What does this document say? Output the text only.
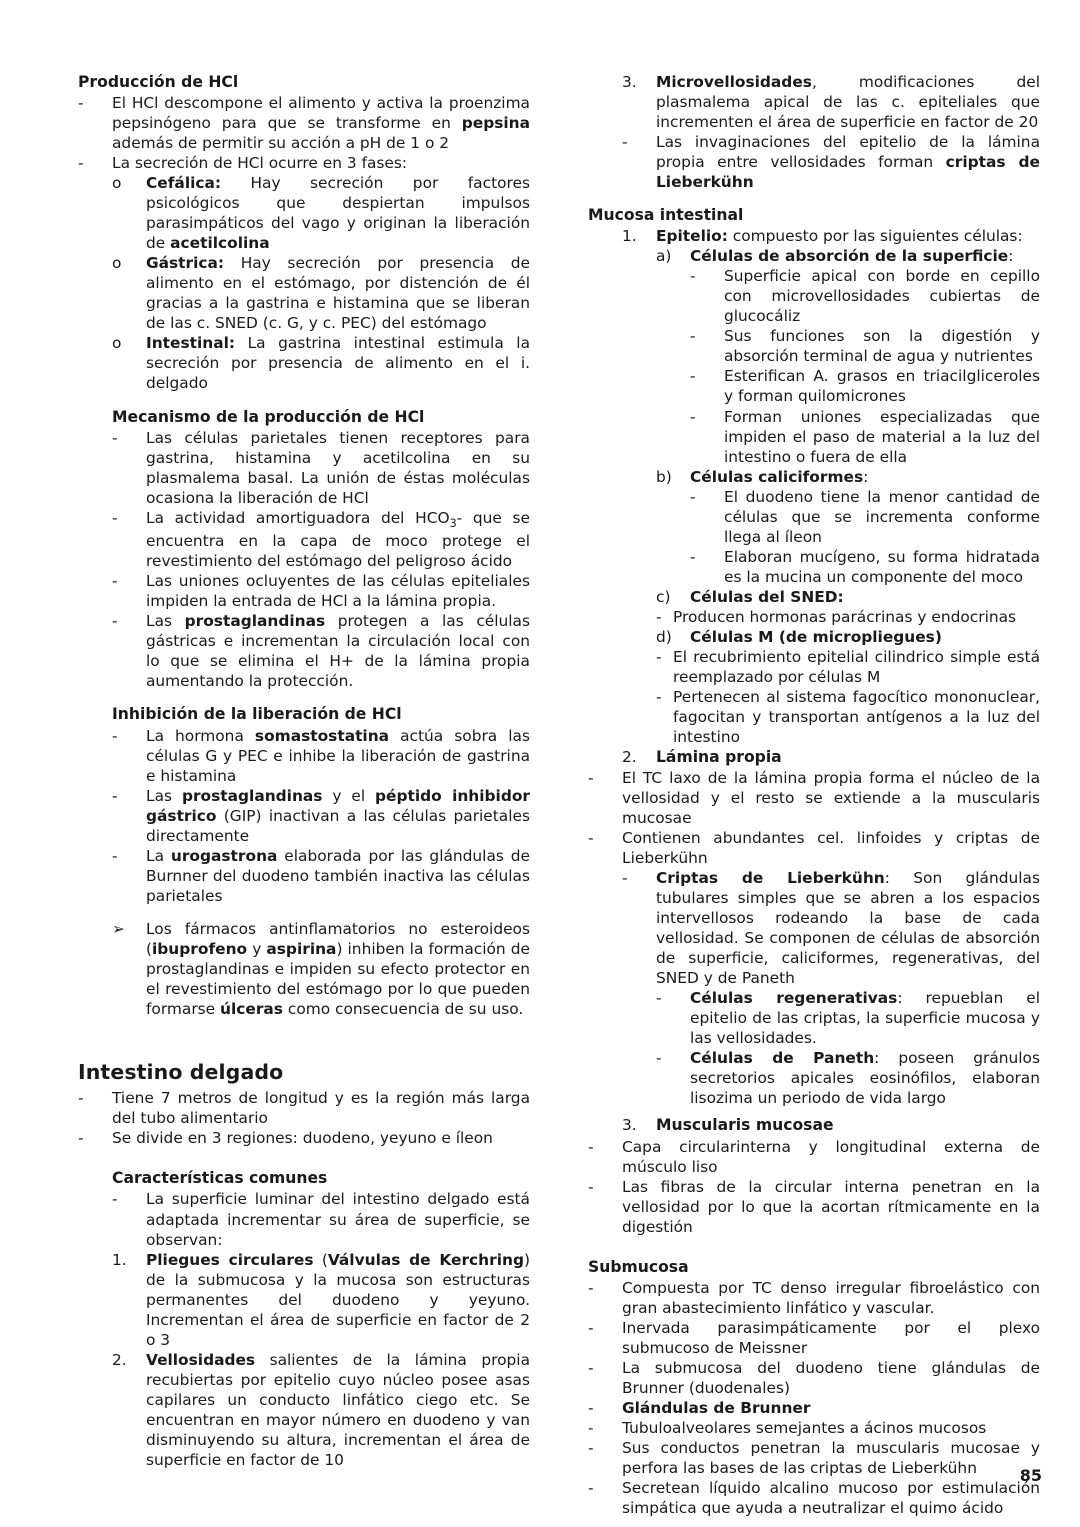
Producción de HCl
-	El HCl descompone el alimento y activa la proenzima pepsinógeno para que se transforme en pepsina además de permitir su acción a pH de 1 o 2
-	La secreción de HCl ocurre en 3 fases:
o	Cefálica: Hay secreción por factores psicológicos que despiertan impulsos parasimpáticos del vago y originan la liberación de acetilcolina
o	Gástrica: Hay secreción por presencia de alimento en el estómago, por distención de él gracias a la gastrina e histamina que se liberan de las c. SNED (c. G, y c. PEC) del estómago
o	Intestinal: La gastrina intestinal estimula la secreción por presencia de alimento en el i. delgado
Mecanismo de la producción de HCl
-	Las células parietales tienen receptores para gastrina, histamina y acetilcolina en su plasmalema basal. La unión de éstas moléculas ocasiona la liberación de HCl
-	La actividad amortiguadora del $HCO_3-$ que se encuentra en la capa de moco protege el revestimiento del estómago del peligroso ácido
-	Las uniones ocluyentes de las células epiteliales impiden la entrada de HCl a la lámina propia.
-	Las prostaglandinas protegen a las células gástricas e incrementan la circulación local con lo que se elimina el H+ de la lámina propia aumentando la protección.
Inhibición de la liberación de HCl
-	La hormona somastostatina actúa sobra las células G y PEC e inhibe la liberación de gastrina e histamina
-	Las prostaglandinas y el péptido inhibidor gástrico (GIP) inactivan a las células parietales directamente
-	La urogastrona elaborada por las glándulas de Burnner del duodeno también inactiva las células parietales
➢	Los fármacos antinflamatorios no esteroideos (ibuprofeno y aspirina) inhiben la formación de prostaglandinas e impiden su efecto protector en el revestimiento del estómago por lo que pueden formarse úlceras como consecuencia de su uso.
Intestino delgado
-	Tiene 7 metros de longitud y es la región más larga del tubo alimentario
-	Se divide en 3 regiones: duodeno, yeyuno e íleon
Características comunes
-	La superficie luminar del intestino delgado está adaptada incrementar su área de superficie, se observan:
1.	Pliegues circulares (Válvulas de Kerchring) de la submucosa y la mucosa son estructuras permanentes del duodeno y yeyuno. Incrementan el área de superficie en factor de 2 o 3
2.	Vellosidades salientes de la lámina propia recubiertas por epitelio cuyo núcleo posee asas capilares un conducto linfático ciego etc. Se encuentran en mayor número en duodeno y van disminuyendo su altura, incrementan el área de superficie en factor de 10
3.	Microvellosidades, modificaciones del plasmalema apical de las c. epiteliales que incrementen el área de superficie en factor de 20
-	Las invaginaciones del epitelio de la lámina propia entre vellosidades forman criptas de Lieberkühn
Mucosa intestinal
1.	Epitelio: compuesto por las siguientes células:
a)	Células de absorción de la superficie:
-	Superficie apical con borde en cepillo con microvellosidades cubiertas de glucocáliz
-	Sus funciones son la digestión y absorción terminal de agua y nutrientes
-	Esterifican A. grasos en triacilgliceroles y forman quilomicrones
-	Forman uniones especializadas que impiden el paso de material a la luz del intestino o fuera de ella
b)	Células caliciformes:
-	El duodeno tiene la menor cantidad de células que se incrementa conforme llega al íleon
-	Elaboran mucígeno, su forma hidratada es la mucina un componente del moco
c)	Células del SNED:
- Producen hormonas parácrinas y endocrinas
d)	Células M (de micropliegues)
- El recubrimiento epitelial cilindrico simple está reemplazado por células M
- Pertenecen al sistema fagocítico mononuclear, fagocitan y transportan antígenos a la luz del intestino
2.	Lámina propia
-	El TC laxo de la lámina propia forma el núcleo de la vellosidad y el resto se extiende a la muscularis mucosae
-	Contienen abundantes cel. linfoides y criptas de Lieberkühn
-	Criptas de Lieberkühn: Son glándulas tubulares simples que se abren a los espacios intervellosos rodeando la base de cada vellosidad. Se componen de células de absorción de superficie, caliciformes, regenerativas, del SNED y de Paneth
-	Células regenerativas: repueblan el epitelio de las criptas, la superficie mucosa y las vellosidades.
-	Células de Paneth: poseen gránulos secretorios apicales eosinófilos, elaboran lisozima un periodo de vida largo
3.	Muscularis mucosae
-	Capa circularinterna y longitudinal externa de músculo liso
-	Las fibras de la circular interna penetran en la vellosidad por lo que la acortan rítmicamente en la digestión
Submucosa
-	Compuesta por TC denso irregular fibroelástico con gran abastecimiento linfático y vascular.
-	Inervada parasimpáticamente por el plexo submucoso de Meissner
-	La submucosa del duodeno tiene glándulas de Brunner (duodenales)
-	Glándulas de Brunner
-	Tubuloalveolares semejantes a ácinos mucosos
-	Sus conductos penetran la muscularis mucosae y perfora las bases de las criptas de Lieberkühn
-	Secretean líquido alcalino mucoso por estimulación simpática que ayuda a neutralizar el quimo ácido
85
